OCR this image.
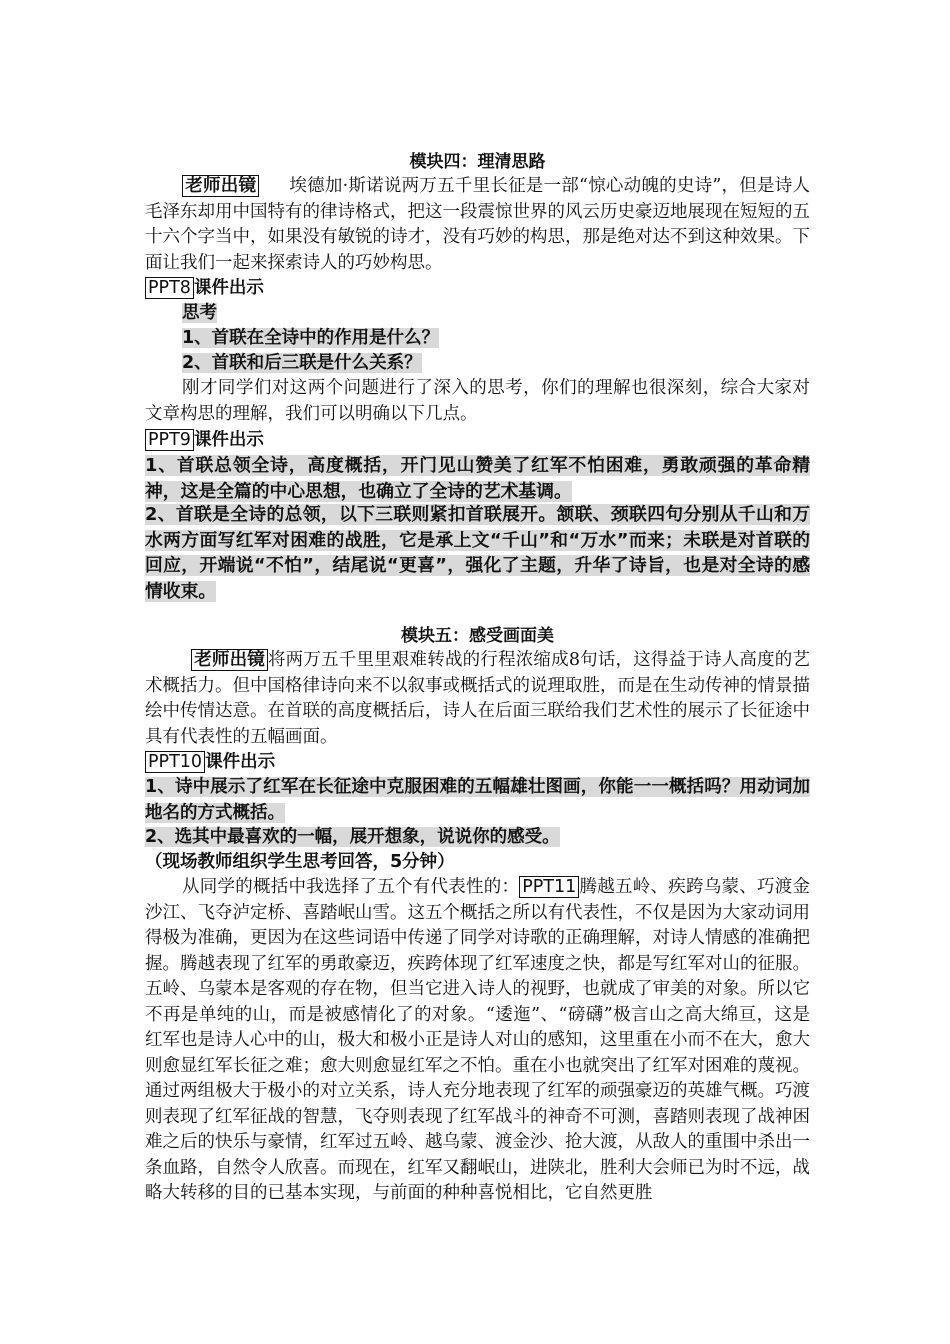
模块四：理清思路

老师出镜 埃德加·斯诺说两万五千里长征是一部“惊心动魄的史诗”，但是诗人毛泽东却用中国特有的律诗格式，把这一段震惊世界的风云历史豪迈地展现在短短的五十六个字当中，如果没有敏锐的诗才，没有巧妙的构思，那是绝对达不到这种效果。下面让我们一起来探索诗人的巧妙构思。

PPT8 课件出示
思考
1、首联在全诗中的作用是什么？
2、首联和后三联是什么关系？

刚才同学们对这两个问题进行了深入的思考，你们的理解也很深刻，综合大家对文章构思的理解，我们可以明确以下几点。

PPT9 课件出示

1、首联总领全诗，高度概括，开门见山赞美了红军不怕困难，勇敢顽强的革命精神，这是全篇的中心思想，也确立了全诗的艺术基调。

2、首联是全诗的总领，以下三联则紧扣首联展开。颔联、颈联四句分别从千山和万水两方面写红军对困难的战胜，它是承上文“千山”和“万水”而来；未联是对首联的回应，开端说“不怕”，结尾说“更喜”，强化了主题，升华了诗旨，也是对全诗的感情收束。

模块五：感受画面美

老师出镜 将两万五千里里艰难转战的行程浓缩成8句话，这得益于诗人高度的艺术概括力。但中国格律诗向来不以叙事或概括式的说理取胜，而是在生动传神的情景描绘中传情达意。在首联的高度概括后，诗人在后面三联给我们艺术性的展示了长征途中具有代表性的五幅画面。

PPT10 课件出示

1、诗中展示了红军在长征途中克服困难的五幅雄壮图画，你能一一概括吗？用动词加地名的方式概括。

2、选其中最喜欢的一幅，展开想象，说说你的感受。
（现场教师组织学生思考回答，5分钟）

从同学的概括中我选择了五个有代表性的： PPT11 腾越五岭、疾跨乌蒙、巧渡金沙江、飞夺泸定桥、喜踏岷山雪。这五个概括之所以有代表性，不仅是因为大家动词用得极为准确，更因为在这些词语中传递了同学对诗歌的正确理解，对诗人情感的准确把握。腾越表现了红军的勇敢豪迈，疾跨体现了红军速度之快，都是写红军对山的征服。五岭、乌蒙本是客观的存在物，但当它进入诗人的视野，也就成了审美的对象。所以它不再是单纯的山，而是被感情化了的对象。“逶迤”、“磅礴”极言山之高大绵亘，这是红军也是诗人心中的山，极大和极小正是诗人对山的感知，这里重在小而不在大，愈大则愈显红军长征之难；愈大则愈显红军之不怕。重在小也就突出了红军对困难的蔑视。通过两组极大于极小的对立关系，诗人充分地表现了红军的顽强豪迈的英雄气概。巧渡则表现了红军征战的智慧，飞夺则表现了红军战斗的神奇不可测，喜踏则表现了战神困难之后的快乐与豪情，红军过五岭、越乌蒙、渡金沙、抢大渡，从敌人的重围中杀出一条血路，自然令人欣喜。而现在，红军又翻岷山，进陕北，胜利大会师已为时不远，战略大转移的目的已基本实现，与前面的种种喜悦相比，它自然更胜
